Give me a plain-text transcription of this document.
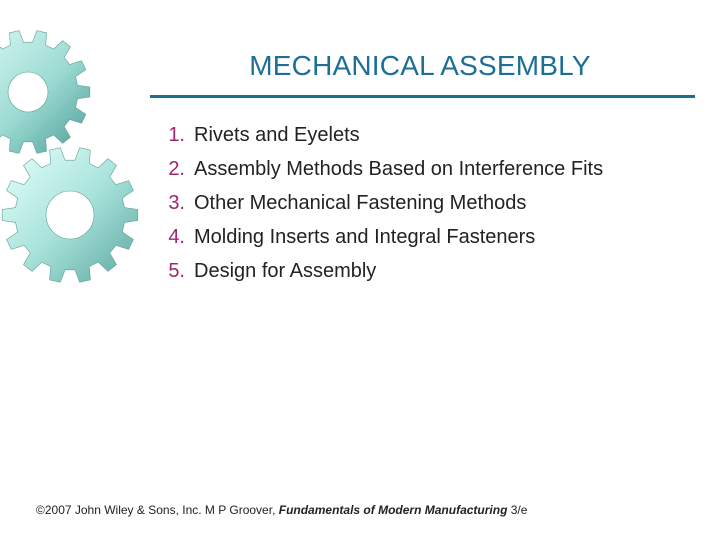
MECHANICAL ASSEMBLY
1. Rivets and Eyelets
2. Assembly Methods Based on Interference Fits
3. Other Mechanical Fastening Methods
4. Molding Inserts and Integral Fasteners
5. Design for Assembly
©2007 John Wiley & Sons, Inc. M P Groover, Fundamentals of Modern Manufacturing 3/e
